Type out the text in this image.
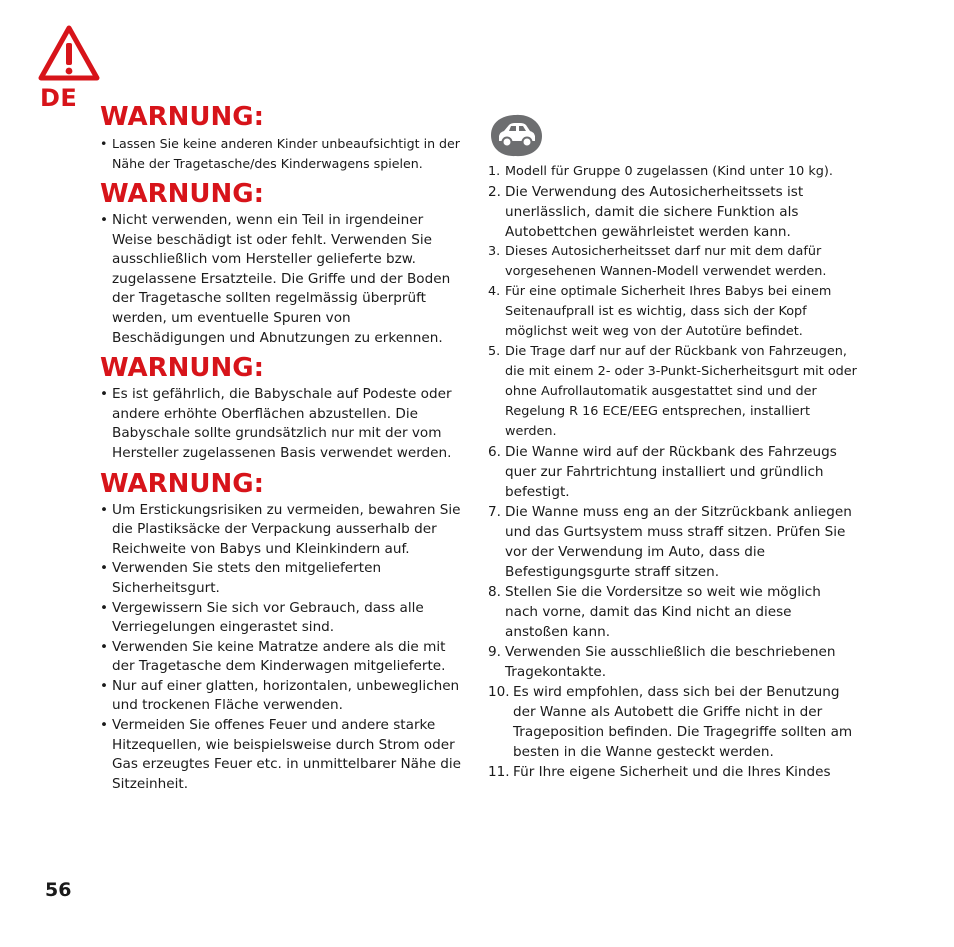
DE
WARNUNG:
• Lassen Sie keine anderen Kinder unbeaufsichtigt in der Nähe der Tragetasche/des Kinderwagens spielen.
WARNUNG:
• Nicht verwenden, wenn ein Teil in irgendeiner Weise beschädigt ist oder fehlt. Verwenden Sie ausschließlich vom Hersteller gelieferte bzw. zugelassene Ersatzteile. Die Griffe und der Boden der Tragetasche sollten regelmässig überprüft werden, um eventuelle Spuren von Beschädigungen und Abnutzungen zu erkennen.
WARNUNG:
• Es ist gefährlich, die Babyschale auf Podeste oder andere erhöhte Oberflächen abzustellen. Die Babyschale sollte grundsätzlich nur mit der vom Hersteller zugelassenen Basis verwendet werden.
WARNUNG:
• Um Erstickungsrisiken zu vermeiden, bewahren Sie die Plastiksäcke der Verpackung ausserhalb der Reichweite von Babys und Kleinkindern auf.
• Verwenden Sie stets den mitgelieferten Sicherheitsgurt.
• Vergewissern Sie sich vor Gebrauch, dass alle Verriegelungen eingerastet sind.
• Verwenden Sie keine Matratze andere als die mit der Tragetasche dem Kinderwagen mitgelieferte.
• Nur auf einer glatten, horizontalen, unbeweglichen und trockenen Fläche verwenden.
• Vermeiden Sie offenes Feuer und andere starke Hitzequellen, wie beispielsweise durch Strom oder Gas erzeugtes Feuer etc. in unmittelbarer Nähe die Sitzeinheit.
1. Modell für Gruppe 0 zugelassen (Kind unter 10 kg).
2. Die Verwendung des Autosicherheitssets ist unerlässlich, damit die sichere Funktion als Autobettchen gewährleistet werden kann.
3. Dieses Autosicherheitsset darf nur mit dem dafür vorgesehenen Wannen-Modell verwendet werden.
4. Für eine optimale Sicherheit Ihres Babys bei einem Seitenaufprall ist es wichtig, dass sich der Kopf möglichst weit weg von der Autotüre befindet.
5. Die Trage darf nur auf der Rückbank von Fahrzeugen, die mit einem 2- oder 3-Punkt-Sicherheitsgurt mit oder ohne Aufrollautomatik ausgestattet sind und der Regelung R 16 ECE/EEG entsprechen, installiert werden.
6. Die Wanne wird auf der Rückbank des Fahrzeugs quer zur Fahrtrichtung installiert und gründlich befestigt.
7. Die Wanne muss eng an der Sitzrückbank anliegen und das Gurtsystem muss straff sitzen. Prüfen Sie vor der Verwendung im Auto, dass die Befestigungsgurte straff sitzen.
8. Stellen Sie die Vordersitze so weit wie möglich nach vorne, damit das Kind nicht an diese anstoßen kann.
9. Verwenden Sie ausschließlich die beschriebenen Tragekontakte.
10. Es wird empfohlen, dass sich bei der Benutzung der Wanne als Autobett die Griffe nicht in der Trageposition befinden. Die Tragegriffe sollten am besten in die Wanne gesteckt werden.
11. Für Ihre eigene Sicherheit und die Ihres Kindes
56
